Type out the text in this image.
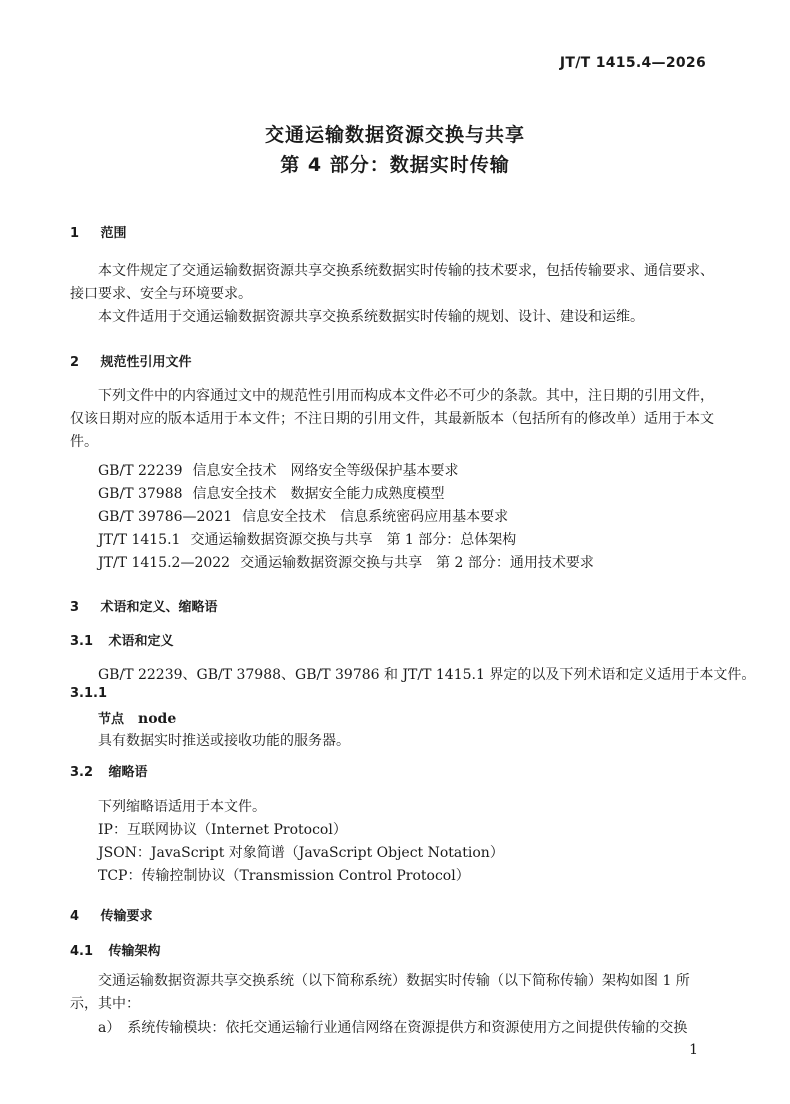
JT/T 1415.4—2026
交通运输数据资源交换与共享
第 4 部分：数据实时传输
1 范围
本文件规定了交通运输数据资源共享交换系统数据实时传输的技术要求，包括传输要求、通信要求、接口要求、安全与环境要求。
本文件适用于交通运输数据资源共享交换系统数据实时传输的规划、设计、建设和运维。
2 规范性引用文件
下列文件中的内容通过文中的规范性引用而构成本文件必不可少的条款。其中，注日期的引用文件，仅该日期对应的版本适用于本文件；不注日期的引用文件，其最新版本（包括所有的修改单）适用于本文件。
GB/T 22239 信息安全技术　网络安全等级保护基本要求
GB/T 37988 信息安全技术　数据安全能力成熟度模型
GB/T 39786—2021 信息安全技术　信息系统密码应用基本要求
JT/T 1415.1 交通运输数据资源交换与共享　第 1 部分：总体架构
JT/T 1415.2—2022 交通运输数据资源交换与共享　第 2 部分：通用技术要求
3 术语和定义、缩略语
3.1 术语和定义
GB/T 22239、GB/T 37988、GB/T 39786 和 JT/T 1415.1 界定的以及下列术语和定义适用于本文件。
3.1.1
节点 node
具有数据实时推送或接收功能的服务器。
3.2 缩略语
下列缩略语适用于本文件。
IP：互联网协议（Internet Protocol）
JSON：JavaScript 对象简谱（JavaScript Object Notation）
TCP：传输控制协议（Transmission Control Protocol）
4 传输要求
4.1 传输架构
交通运输数据资源共享交换系统（以下简称系统）数据实时传输（以下简称传输）架构如图 1 所示，其中：
a）　系统传输模块：依托交通运输行业通信网络在资源提供方和资源使用方之间提供传输的交换
1
